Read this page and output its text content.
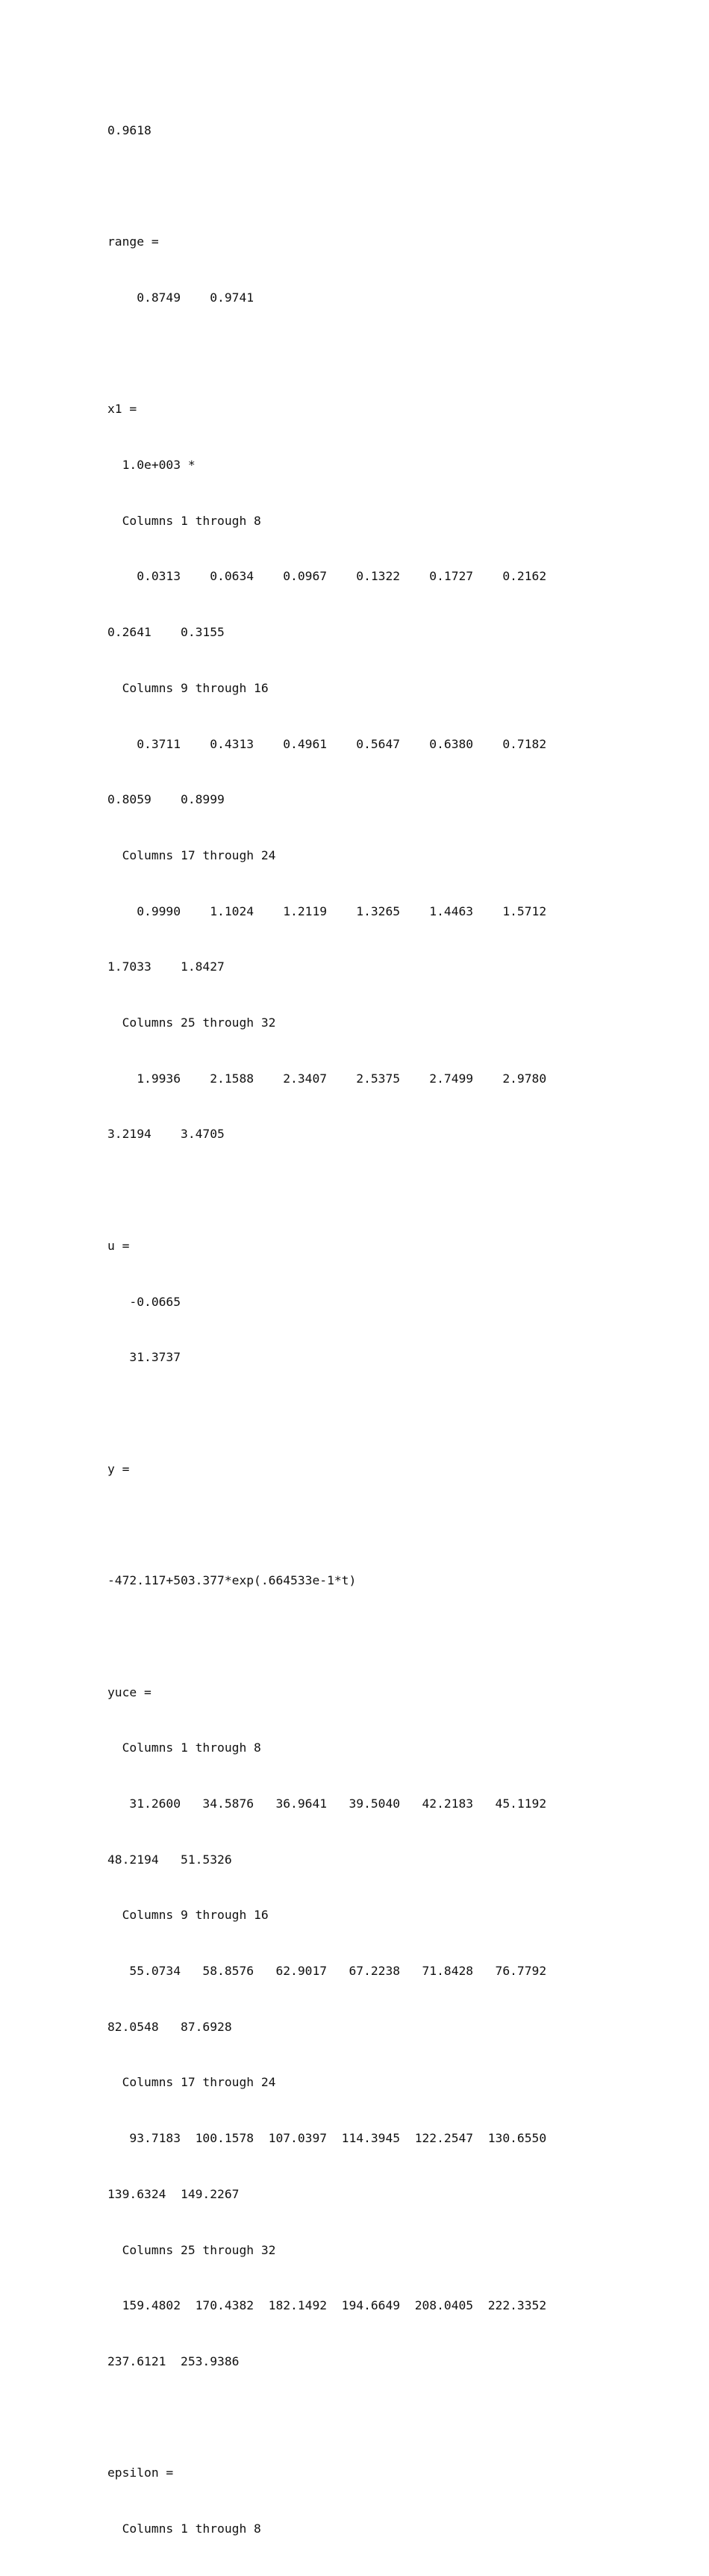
0.9618

range =

0.8749    0.9741

x1 =

1.0e+003 *

Columns 1 through 8

0.0313    0.0634    0.0967    0.1322    0.1727    0.2162

0.2641    0.3155

Columns 9 through 16

0.3711    0.4313    0.4961    0.5647    0.6380    0.7182

0.8059    0.8999

Columns 17 through 24

0.9990    1.1024    1.2119    1.3265    1.4463    1.5712

1.7033    1.8427

Columns 25 through 32

1.9936    2.1588    2.3407    2.5375    2.7499    2.9780

3.2194    3.4705

u =

-0.0665

31.3737

y =

-472.117+503.377*exp(.664533e-1*t)

yuce =

Columns 1 through 8

31.2600   34.5876   36.9641   39.5040   42.2183   45.1192

48.2194   51.5326

Columns 9 through 16

55.0734   58.8576   62.9017   67.2238   71.8428   76.7792

82.0548   87.6928

Columns 17 through 24

93.7183  100.1578  107.0397  114.3945  122.2547  130.6550

139.6324  149.2267

Columns 25 through 32

159.4802  170.4382  182.1492  194.6649  208.0405  222.3352

237.6121  253.9386

epsilon =

Columns 1 through 8
